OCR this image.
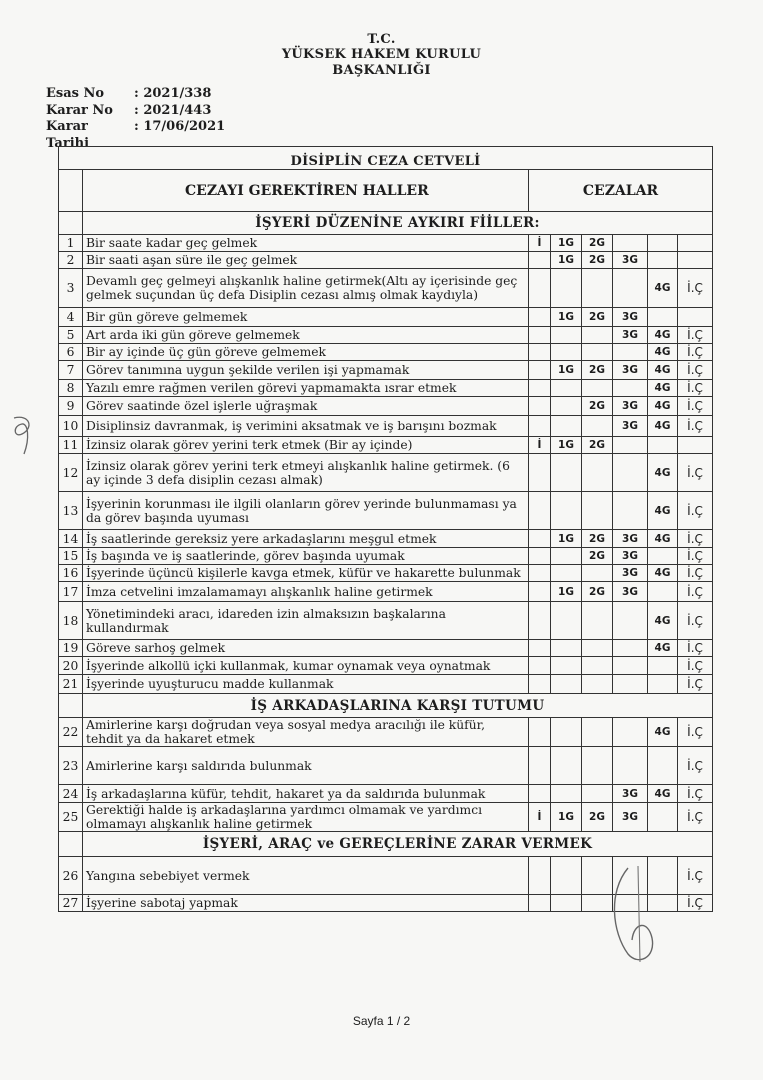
T.C.
YÜKSEK HAKEM KURULU
BAŞKANLIĞI
Esas No	: 2021/338
Karar No	: 2021/443
Karar Tarihi
: 17/06/2021
DİSİPLİN CEZA CETVELİ							
	CEZAYI GEREKTİREN HALLER	CEZALAR					
	İŞYERİ DÜZENİNE AYKIRI FİİLLER:						
1	Bir saate kadar geç gelmek	İ	1G	2G			
2	Bir saati aşan süre ile geç gelmek		1G	2G	3G		
3	Devamlı geç gelmeyi alışkanlık haline getirmek(Altı ay içerisinde geç gelmek suçundan üç defa Disiplin cezası almış olmak kaydıyla)					4G	İ.Ç
4	Bir gün göreve gelmemek		1G	2G	3G		
5	Art arda iki gün göreve gelmemek				3G	4G	İ.Ç
6	Bir ay içinde üç gün göreve gelmemek					4G	İ.Ç
7	Görev tanımına uygun şekilde verilen işi yapmamak		1G	2G	3G	4G	İ.Ç
8	Yazılı emre rağmen verilen görevi yapmamakta ısrar etmek					4G	İ.Ç
9	Görev saatinde özel işlerle uğraşmak			2G	3G	4G	İ.Ç
10	Disiplinsiz davranmak, iş verimini aksatmak ve iş barışını bozmak				3G	4G	İ.Ç
11	İzinsiz olarak görev yerini terk etmek (Bir ay içinde)	İ	1G	2G			
12	İzinsiz olarak görev yerini terk etmeyi alışkanlık haline getirmek. (6 ay içinde 3 defa disiplin cezası almak)					4G	İ.Ç
13	İşyerinin korunması ile ilgili olanların görev yerinde bulunmaması ya da görev başında uyuması					4G	İ.Ç
14	İş saatlerinde gereksiz yere arkadaşlarını meşgul etmek		1G	2G	3G	4G	İ.Ç
15	İş başında ve iş saatlerinde, görev başında uyumak			2G	3G		İ.Ç
16	İşyerinde üçüncü kişilerle kavga etmek, küfür ve hakarette bulunmak				3G	4G	İ.Ç
17	İmza cetvelini imzalamamayı alışkanlık haline getirmek		1G	2G	3G		İ.Ç
18	Yönetimindeki aracı, idareden izin almaksızın başkalarına kullandırmak					4G	İ.Ç
19	Göreve sarhoş gelmek					4G	İ.Ç
20	İşyerinde alkollü içki kullanmak, kumar oynamak veya oynatmak						İ.Ç
21	İşyerinde uyuşturucu madde kullanmak						İ.Ç
	İŞ ARKADAŞLARINA KARŞI TUTUMU						
22	Amirlerine karşı doğrudan veya sosyal medya aracılığı ile küfür, tehdit ya da hakaret etmek					4G	İ.Ç
23	Amirlerine karşı saldırıda bulunmak						İ.Ç
24	İş arkadaşlarına küfür, tehdit, hakaret ya da saldırıda bulunmak				3G	4G	İ.Ç
25	Gerektiği halde iş arkadaşlarına yardımcı olmamak ve yardımcı olmamayı alışkanlık haline getirmek	İ	1G	2G	3G		İ.Ç
	İŞYERİ, ARAÇ ve GEREÇLERİNE ZARAR VERMEK						
26	Yangına sebebiyet vermek						İ.Ç
27	İşyerine sabotaj yapmak						İ.Ç
Sayfa 1 / 2
